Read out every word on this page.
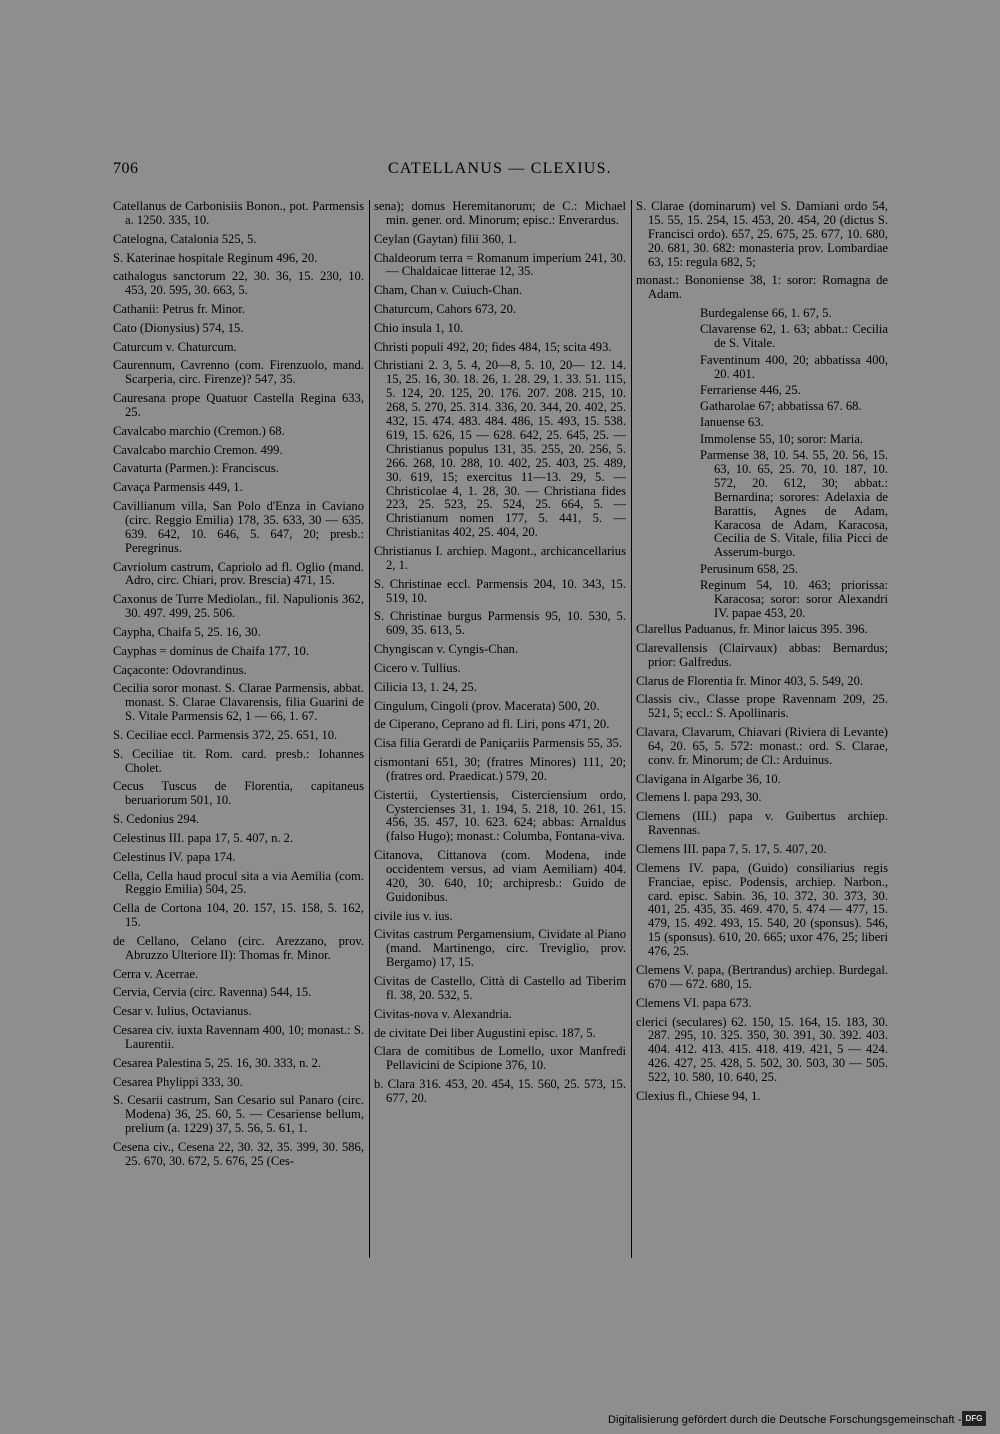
706	CATELLANUS — CLEXIUS.
Catellanus de Carbonisiis Bonon., pot. Parmensis a. 1250. 335, 10.
Catelogna, Catalonia 525, 5.
S. Katerinae hospitale Reginum 496, 20.
cathalogus sanctorum 22, 30. 36, 15. 230, 10. 453, 20. 595, 30. 663, 5.
Cathanii: Petrus fr. Minor.
Cato (Dionysius) 574, 15.
Caturcum v. Chaturcum.
Caurennum, Cavrenno (com. Firenzuolo, mand. Scarperia, circ. Firenze)? 547, 35.
Cauresana prope Quatuor Castella Regina 633, 25.
Cavalcabo marchio (Cremon.) 68.
Cavalcabo marchio Cremon. 499.
Cavaturta (Parmen.): Franciscus.
Cavaça Parmensis 449, 1.
Cavillianum villa, San Polo d'Enza in Caviano (circ. Reggio Emilia) 178, 35. 633, 30 — 635. 639. 642, 10. 646, 5. 647, 20; presb.: Peregrinus.
Cavriolum castrum, Capriolo ad fl. Oglio (mand. Adro, circ. Chiari, prov. Brescia) 471, 15.
Caxonus de Turre Mediolan., fil. Napulionis 362, 30. 497. 499, 25. 506.
Caypha, Chaifa 5, 25. 16, 30.
Cayphas = dominus de Chaifa 177, 10.
Caçaconte: Odovrandinus.
Cecilia soror monast. S. Clarae Parmensis, abbat. monast. S. Clarae Clavarensis, filia Guarini de S. Vitale Parmensis 62, 1 — 66, 1. 67.
S. Ceciliae eccl. Parmensis 372, 25. 651, 10.
S. Ceciliae tit. Rom. card. presb.: Iohannes Cholet.
Cecus Tuscus de Florentia, capitaneus beruariorum 501, 10.
S. Cedonius 294.
Celestinus III. papa 17, 5. 407, n. 2.
Celestinus IV. papa 174.
Cella, Cella haud procul sita a via Aemilia (com. Reggio Emilia) 504, 25.
Cella de Cortona 104, 20. 157, 15. 158, 5. 162, 15.
de Cellano, Celano (circ. Arezzano, prov. Abruzzo Ulteriore II): Thomas fr. Minor.
Cerra v. Acerrae.
Cervia, Cervia (circ. Ravenna) 544, 15.
Cesar v. Iulius, Octavianus.
Cesarea civ. iuxta Ravennam 400, 10; monast.: S. Laurentii.
Cesarea Palestina 5, 25. 16, 30. 333, n. 2.
Cesarea Phylippi 333, 30.
S. Cesarii castrum, San Cesario sul Panaro (circ. Modena) 36, 25. 60, 5. — Cesariense bellum, prelium (a. 1229) 37, 5. 56, 5. 61, 1.
Cesena civ., Cesena 22, 30. 32, 35. 399, 30. 586, 25. 670, 30. 672, 5. 676, 25 (Ces-
sena); domus Heremitanorum; de C.: Michael min. gener. ord. Minorum; episc.: Enverardus.
Ceylan (Gaytan) filii 360, 1.
Chaldeorum terra = Romanum imperium 241, 30. — Chaldaicae litterae 12, 35.
Cham, Chan v. Cuiuch-Chan.
Chaturcum, Cahors 673, 20.
Chio insula 1, 10.
Christi populi 492, 20; fides 484, 15; scita 493.
Christiani 2. 3, 5. 4, 20—8, 5. 10, 20— 12. 14. 15, 25. 16, 30. 18. 26, 1. 28. 29, 1. 33. 51. 115, 5. 124, 20. 125, 20. 176. 207. 208. 215, 10. 268, 5. 270, 25. 314. 336, 20. 344, 20. 402, 25. 432, 15. 474. 483. 484. 486, 15. 493, 15. 538. 619, 15. 626, 15 — 628. 642, 25. 645, 25. — Christianus populus 131, 35. 255, 20. 256, 5. 266. 268, 10. 288, 10. 402, 25. 403, 25. 489, 30. 619, 15; exercitus 11—13. 29, 5. — Christicolae 4, 1. 28, 30. — Christiana fides 223, 25. 523, 25. 524, 25. 664, 5. — Christianum nomen 177, 5. 441, 5. — Christianitas 402, 25. 404, 20.
Christianus I. archiep. Magont., archicancellarius 2, 1.
S. Christinae eccl. Parmensis 204, 10. 343, 15. 519, 10.
S. Christinae burgus Parmensis 95, 10. 530, 5. 609, 35. 613, 5.
Chyngiscan v. Cyngis-Chan.
Cicero v. Tullius.
Cilicia 13, 1. 24, 25.
Cingulum, Cingoli (prov. Macerata) 500, 20.
de Ciperano, Ceprano ad fl. Liri, pons 471, 20.
Cisa filia Gerardi de Paniçariis Parmensis 55, 35.
cismontani 651, 30; (fratres Minores) 111, 20; (fratres ord. Praedicat.) 579, 20.
Cistertii, Cystertiensis, Cisterciensium ordo, Cystercienses 31, 1. 194, 5. 218, 10. 261, 15. 456, 35. 457, 10. 623. 624; abbas: Arnaldus (falso Hugo); monast.: Columba, Fontana-viva.
Citanova, Cittanova (com. Modena, inde occidentem versus, ad viam Aemiliam) 404. 420, 30. 640, 10; archipresb.: Guido de Guidonibus.
civile ius v. ius.
Civitas castrum Pergamensium, Cividate al Piano (mand. Martinengo, circ. Treviglio, prov. Bergamo) 17, 15.
Civitas de Castello, Città di Castello ad Tiberim fl. 38, 20. 532, 5.
Civitas-nova v. Alexandria.
de civitate Dei liber Augustini episc. 187, 5.
Clara de comitibus de Lomello, uxor Manfredi Pellavicini de Scipione 376, 10.
b. Clara 316. 453, 20. 454, 15. 560, 25. 573, 15. 677, 20.
S. Clarae (dominarum) vel S. Damiani ordo 54, 15. 55, 15. 254, 15. 453, 20. 454, 20 (dictus S. Francisci ordo). 657, 25. 675, 25. 677, 10. 680, 20. 681, 30. 682: monasteria prov. Lombardiae 63, 15: regula 682, 5;
monast.: Bononiense 38, 1: soror: Romagna de Adam.
Burdegalense 66, 1. 67, 5.
Clavarense 62, 1. 63; abbat.: Cecilia de S. Vitale.
Faventinum 400, 20; abbatissa 400, 20. 401.
Ferrariense 446, 25.
Gatharolae 67; abbatissa 67. 68.
Ianuense 63.
Immolense 55, 10; soror: Maria.
Parmense 38, 10. 54. 55, 20. 56, 15. 63, 10. 65, 25. 70, 10. 187, 10. 572, 20. 612, 30; abbat.: Bernardina; sorores: Adelaxia de Barattis, Agnes de Adam, Karacosa de Adam, Karacosa, Cecilia de S. Vitale, filia Picci de Asserum-burgo.
Perusinum 658, 25.
Reginum 54, 10. 463; priorissa: Karacosa; soror: soror Alexandri IV. papae 453, 20.
Clarellus Paduanus, fr. Minor laicus 395. 396.
Clarevallensis (Clairvaux) abbas: Bernardus; prior: Galfredus.
Clarus de Florentia fr. Minor 403, 5. 549, 20.
Classis civ., Classe prope Ravennam 209, 25. 521, 5; eccl.: S. Apollinaris.
Clavara, Clavarum, Chiavari (Riviera di Levante) 64, 20. 65, 5. 572: monast.: ord. S. Clarae, conv. fr. Minorum; de Cl.: Arduinus.
Clavigana in Algarbe 36, 10.
Clemens I. papa 293, 30.
Clemens (III.) papa v. Guibertus archiep. Ravennas.
Clemens III. papa 7, 5. 17, 5. 407, 20.
Clemens IV. papa, (Guido) consiliarius regis Franciae, episc. Podensis, archiep. Narbon., card. episc. Sabin. 36, 10. 372, 30. 373, 30. 401, 25. 435, 35. 469. 470, 5. 474 — 477, 15. 479, 15. 492. 493, 15. 540, 20 (sponsus). 546, 15 (sponsus). 610, 20. 665; uxor 476, 25; liberi 476, 25.
Clemens V. papa, (Bertrandus) archiep. Burdegal. 670 — 672. 680, 15.
Clemens VI. papa 673.
clerici (seculares) 62. 150, 15. 164, 15. 183, 30. 287. 295, 10. 325. 350, 30. 391, 30. 392. 403. 404. 412. 413. 415. 418. 419. 421, 5 — 424. 426. 427, 25. 428, 5. 502, 30. 503, 30 — 505. 522, 10. 580, 10. 640, 25.
Clexius fl., Chiese 94, 1.
Digitalisierung gefördert durch die Deutsche Forschungsgemeinschaft - DFG
